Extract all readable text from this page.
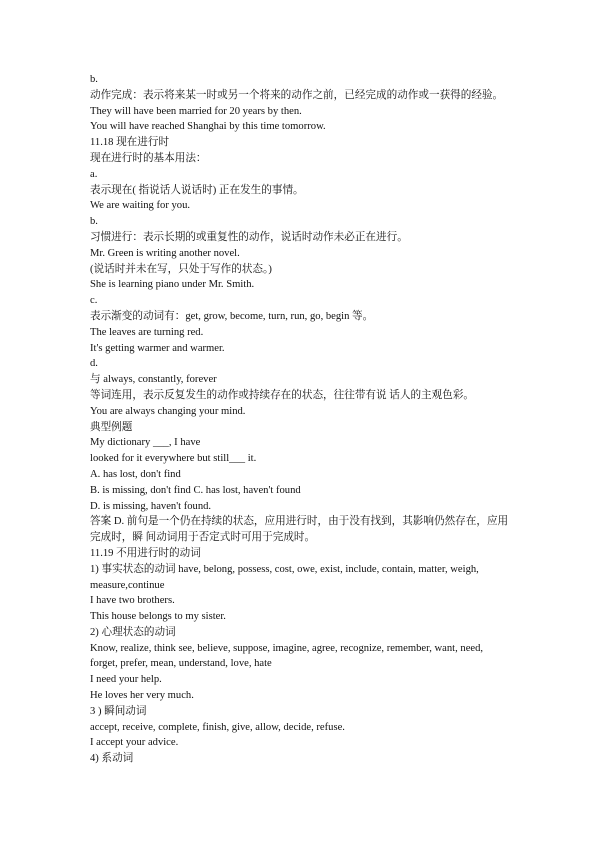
b.
动作完成：表示将来某一时或另一个将来的动作之前，已经完成的动作或一获得的经验。
They will have been married for 20 years by then.
You will have reached Shanghai by this time tomorrow.
11.18 现在进行时
现在进行时的基本用法：
a.
表示现在( 指说话人说话时) 正在发生的事情。
We are waiting for you.
b.
习惯进行：表示长期的或重复性的动作，说话时动作未必正在进行。
Mr. Green is writing another novel.
(说话时并未在写，只处于写作的状态。)
She is learning piano under Mr. Smith.
c.
表示渐变的动词有：get, grow, become, turn, run, go, begin 等。
The leaves are turning red.
It's getting warmer and warmer.
d.
与 always, constantly, forever
等词连用，表示反复发生的动作或持续存在的状态，往往带有说 话人的主观色彩。
You are always changing your mind.
典型例题
My dictionary ___, I have
looked for it everywhere but still___ it.
A. has lost, don't find
B. is missing, don't find C. has lost, haven't found
D. is missing, haven't found.
答案 D. 前句是一个仍在持续的状态，应用进行时，由于没有找到，其影响仍然存在，应用
完成时，瞬 间动词用于否定式时可用于完成时。
11.19 不用进行时的动词
1) 事实状态的动词 have, belong, possess, cost, owe, exist, include, contain, matter, weigh,
measure,continue
I have two brothers.
This house belongs to my sister.
2) 心理状态的动词
Know, realize, think see, believe, suppose, imagine, agree, recognize, remember, want, need,
forget, prefer, mean, understand, love, hate
I need your help.
He loves her very much.
3 ) 瞬间动词
accept, receive, complete, finish, give, allow, decide, refuse.
I accept your advice.
4) 系动词
